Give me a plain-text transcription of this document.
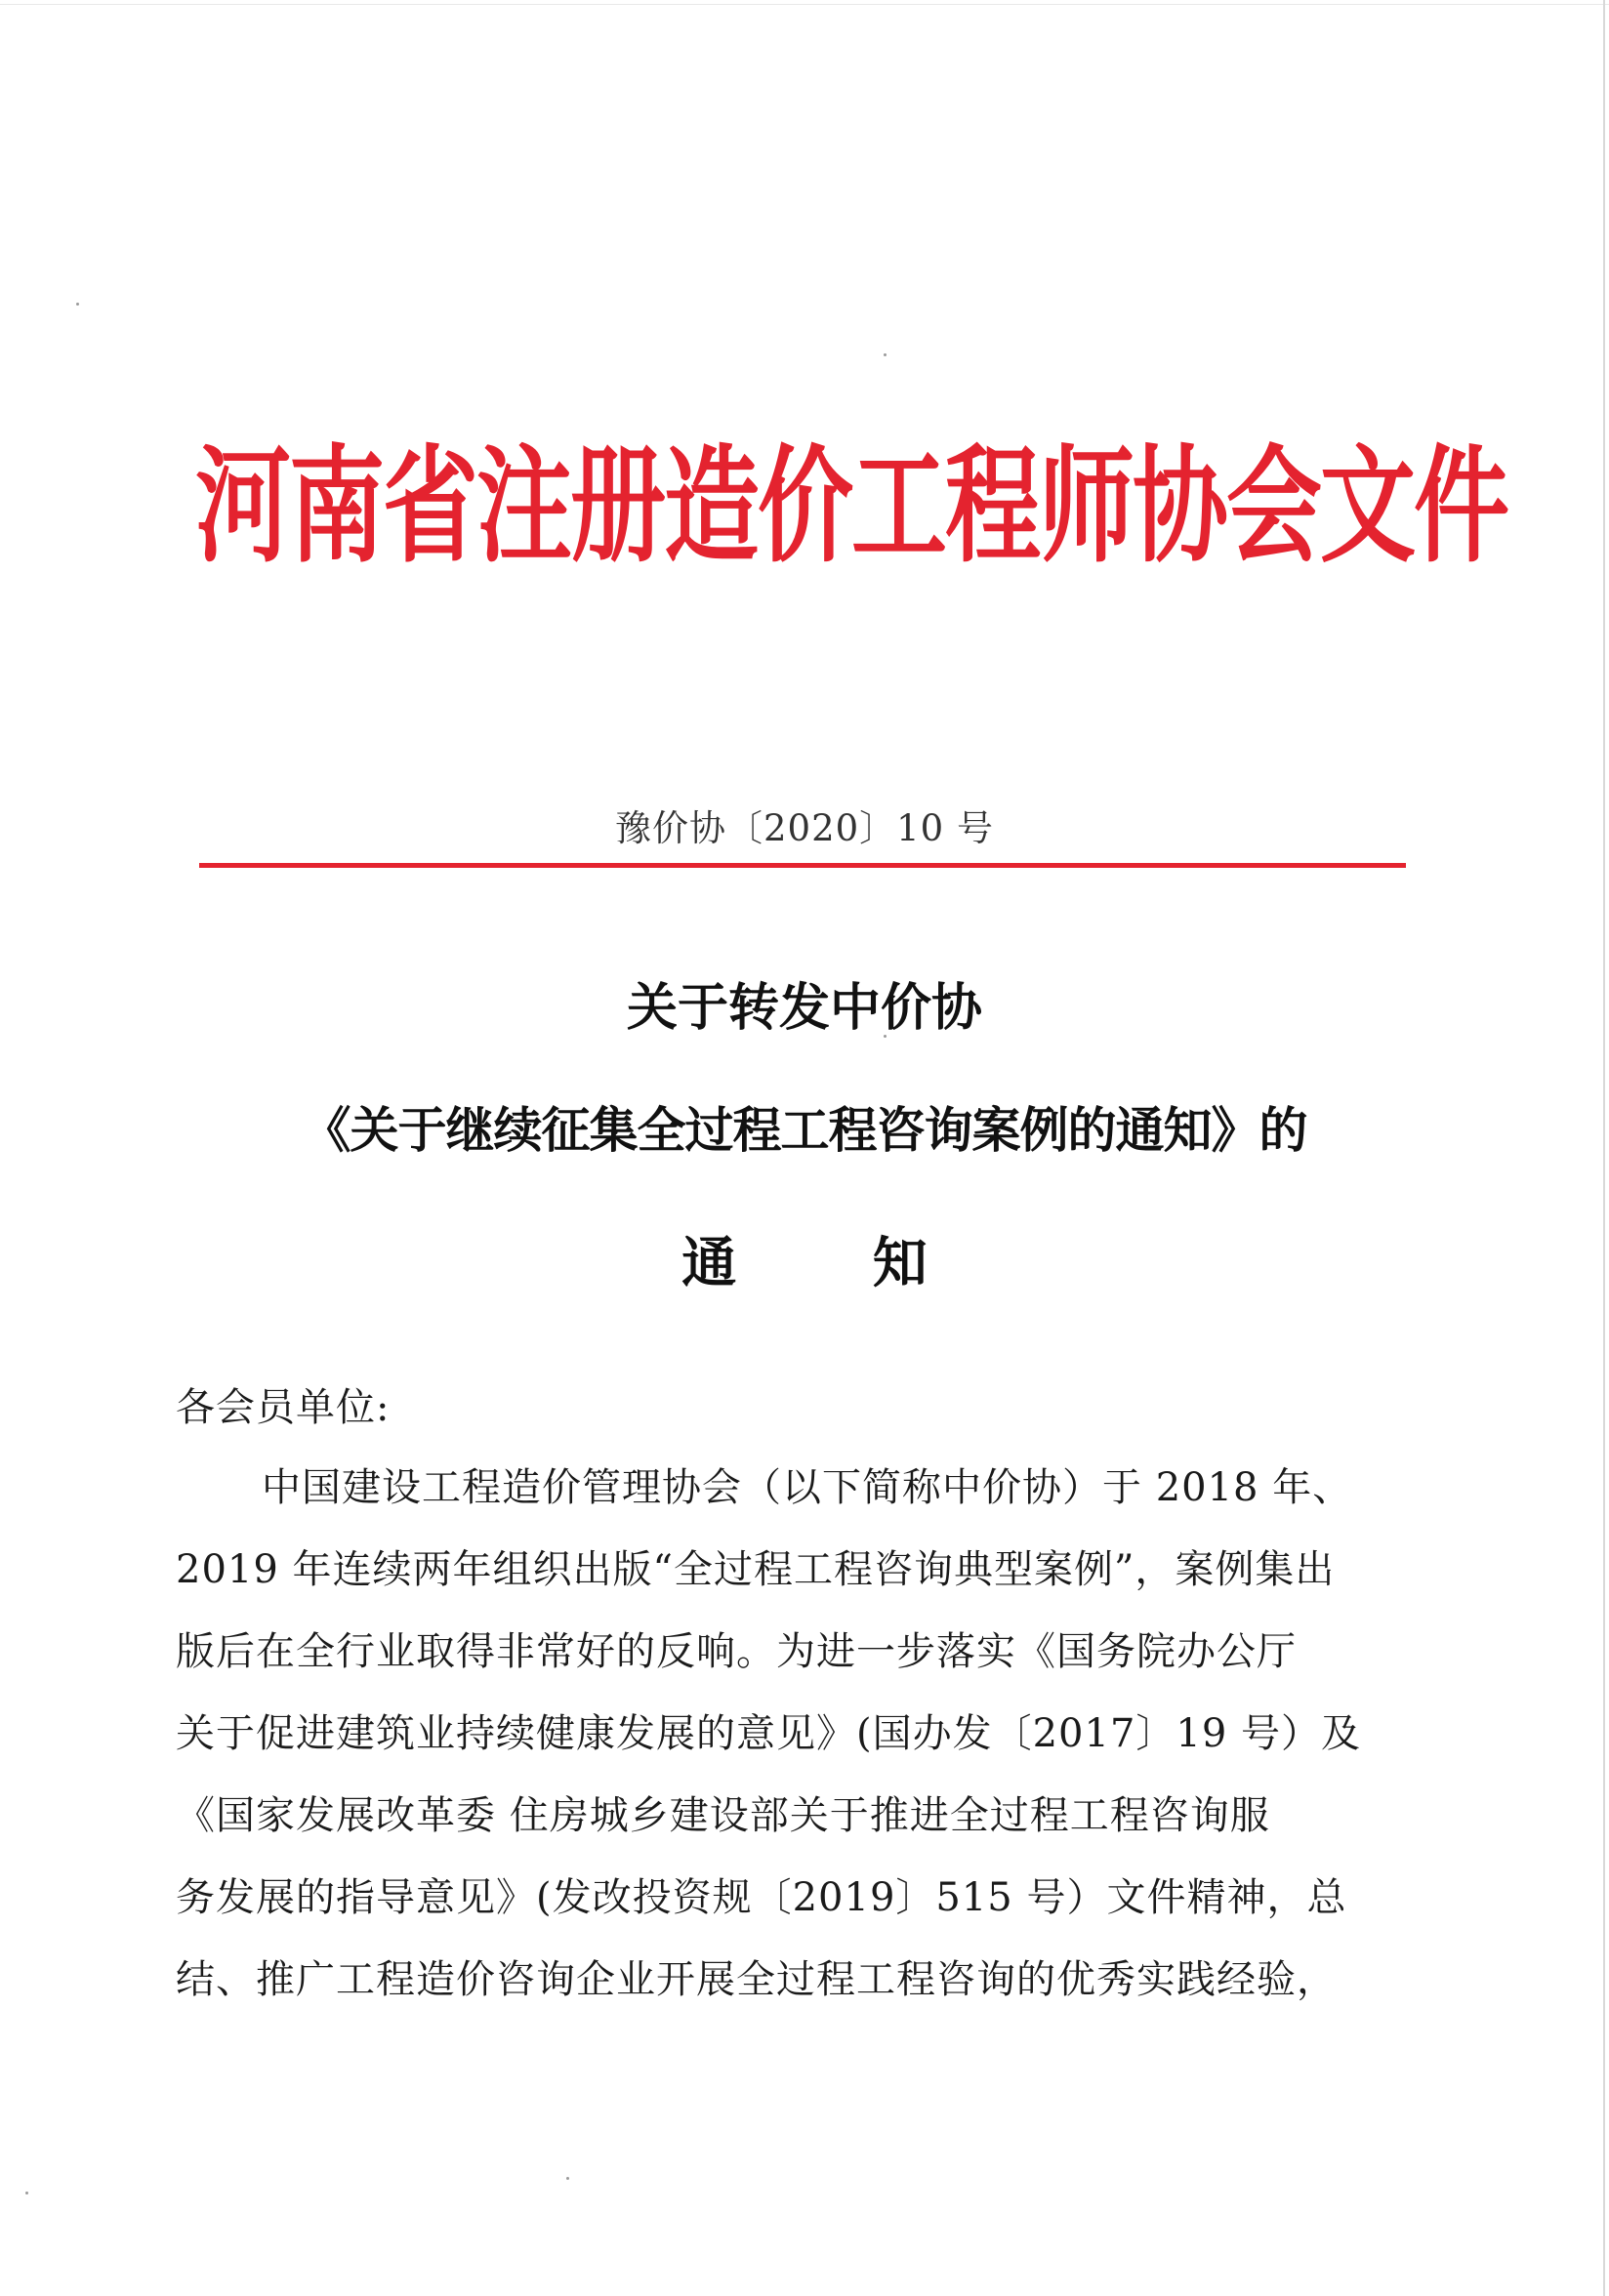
河南省注册造价工程师协会文件
豫价协〔2020〕10 号
关于转发中价协
《关于继续征集全过程工程咨询案例的通知》的
通 知
各会员单位:
中国建设工程造价管理协会（以下简称中价协）于 2018 年、
2019 年连续两年组织出版“全过程工程咨询典型案例”，案例集出
版后在全行业取得非常好的反响。为进一步落实《国务院办公厅
关于促进建筑业持续健康发展的意见》(国办发〔2017〕19 号）及
《国家发展改革委 住房城乡建设部关于推进全过程工程咨询服
务发展的指导意见》(发改投资规〔2019〕515 号）文件精神，总
结、推广工程造价咨询企业开展全过程工程咨询的优秀实践经验，
